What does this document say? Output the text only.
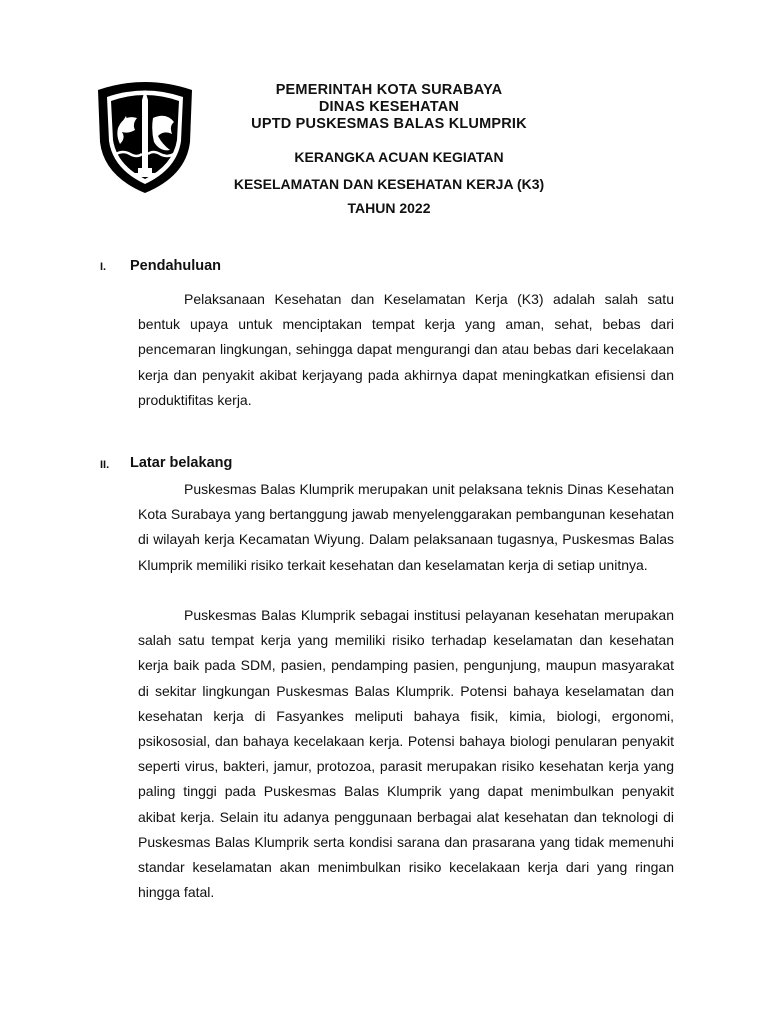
PEMERINTAH KOTA SURABAYA
DINAS KESEHATAN
UPTD PUSKESMAS BALAS KLUMPRIK
KERANGKA ACUAN KEGIATAN
KESELAMATAN DAN KESEHATAN KERJA (K3)
TAHUN 2022
I. Pendahuluan

Pelaksanaan Kesehatan dan Keselamatan Kerja (K3) adalah salah satu bentuk upaya untuk menciptakan tempat kerja yang aman, sehat, bebas dari pencemaran lingkungan, sehingga dapat mengurangi dan atau bebas dari kecelakaan kerja dan penyakit akibat kerjayang pada akhirnya dapat meningkatkan efisiensi dan produktifitas kerja.

II. Latar belakang

Puskesmas Balas Klumprik merupakan unit pelaksana teknis Dinas Kesehatan Kota Surabaya yang bertanggung jawab menyelenggarakan pembangunan kesehatan di wilayah kerja Kecamatan Wiyung. Dalam pelaksanaan tugasnya, Puskesmas Balas Klumprik memiliki risiko terkait kesehatan dan keselamatan kerja di setiap unitnya.

Puskesmas Balas Klumprik sebagai institusi pelayanan kesehatan merupakan salah satu tempat kerja yang memiliki risiko terhadap keselamatan dan kesehatan kerja baik pada SDM, pasien, pendamping pasien, pengunjung, maupun masyarakat di sekitar lingkungan Puskesmas Balas Klumprik. Potensi bahaya keselamatan dan kesehatan kerja di Fasyankes meliputi bahaya fisik, kimia, biologi, ergonomi, psikososial, dan bahaya kecelakaan kerja. Potensi bahaya biologi penularan penyakit seperti virus, bakteri, jamur, protozoa, parasit merupakan risiko kesehatan kerja yang paling tinggi pada Puskesmas Balas Klumprik yang dapat menimbulkan penyakit akibat kerja. Selain itu adanya penggunaan berbagai alat kesehatan dan teknologi di Puskesmas Balas Klumprik serta kondisi sarana dan prasarana yang tidak memenuhi standar keselamatan akan menimbulkan risiko kecelakaan kerja dari yang ringan hingga fatal.
